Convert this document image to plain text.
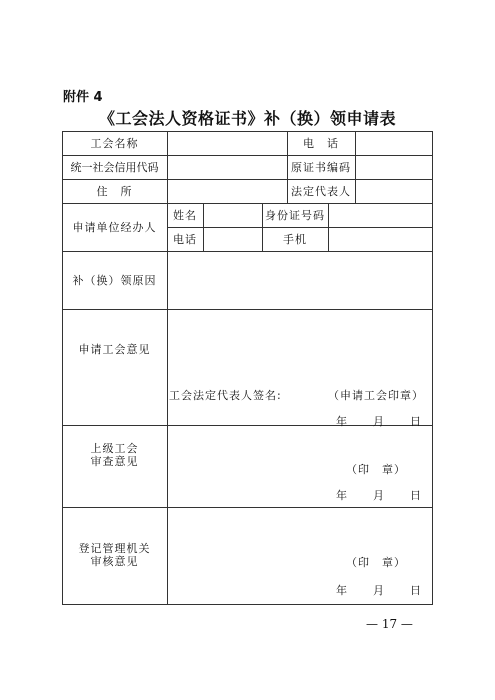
附件 4
《工会法人资格证书》补（换）领申请表
工会名称	电　话
统一社会信用代码	原证书编码
住　所	法定代表人
申请单位经办人
姓名	身份证号码
电话	手机
补（换）领原因
申请工会意见
工会法定代表人签名:	（申请工会印章）
年 月 日
上级工会
审查意见
（印　章）
年 月 日
登记管理机关
审核意见	（印　章）
年 月 日
— 17 —
